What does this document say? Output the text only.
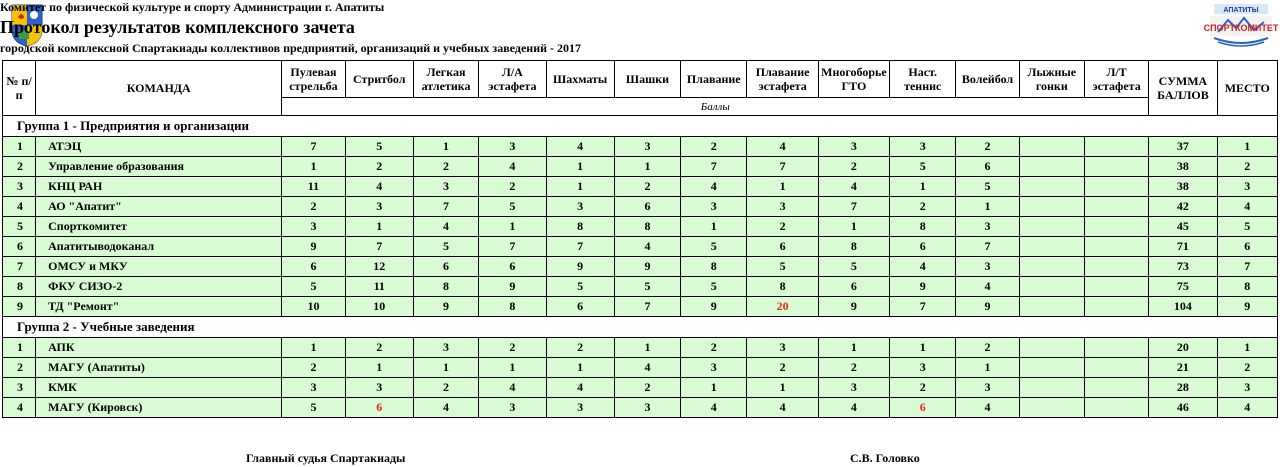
АПАТИТЫ
СПОРТКОМИТЕТ
Комитет по физической культуре и спорту Администрации г. Апатиты
Протокол результатов комплексного зачета
городской комплексной Спартакиады коллективов предприятий, организаций и учебных заведений - 2017
№ п/п	КОМАНДА	Пулевая стрельба	Стритбол	Легкая атлетика	Л/А эстафета	Шахматы	Шашки	Плавание	Плавание эстафета	Многоборье ГТО	Наст. теннис	Волейбол	Лыжные гонки	Л/Т эстафета	СУММА БАЛЛОВ	МЕСТО
		Баллы														
Группа 1 - Предприятия и организации																
1	АТЭЦ	7	5	1	3	4	3	2	4	3	3	2			37	1
2	Управление образования	1	2	2	4	1	1	7	7	2	5	6			38	2
3	КНЦ РАН	11	4	3	2	1	2	4	1	4	1	5			38	3
4	АО "Апатит"	2	3	7	5	3	6	3	3	7	2	1			42	4
5	Спорткомитет	3	1	4	1	8	8	1	2	1	8	3			45	5
6	Апатитыводоканал	9	7	5	7	7	4	5	6	8	6	7			71	6
7	ОМСУ и МКУ	6	12	6	6	9	9	8	5	5	4	3			73	7
8	ФКУ СИЗО-2	5	11	8	9	5	5	5	8	6	9	4			75	8
9	ТД "Ремонт"	10	10	9	8	6	7	9	20	9	7	9			104	9
Группа 2 - Учебные заведения																
1	АПК	1	2	3	2	2	1	2	3	1	1	2			20	1
2	МАГУ (Апатиты)	2	1	1	1	1	4	3	2	2	3	1			21	2
3	КМК	3	3	2	4	4	2	1	1	3	2	3			28	3
4	МАГУ (Кировск)	5	6	4	3	3	3	4	4	4	6	4			46	4
Главный судья Спартакиады	С.В. Головко
